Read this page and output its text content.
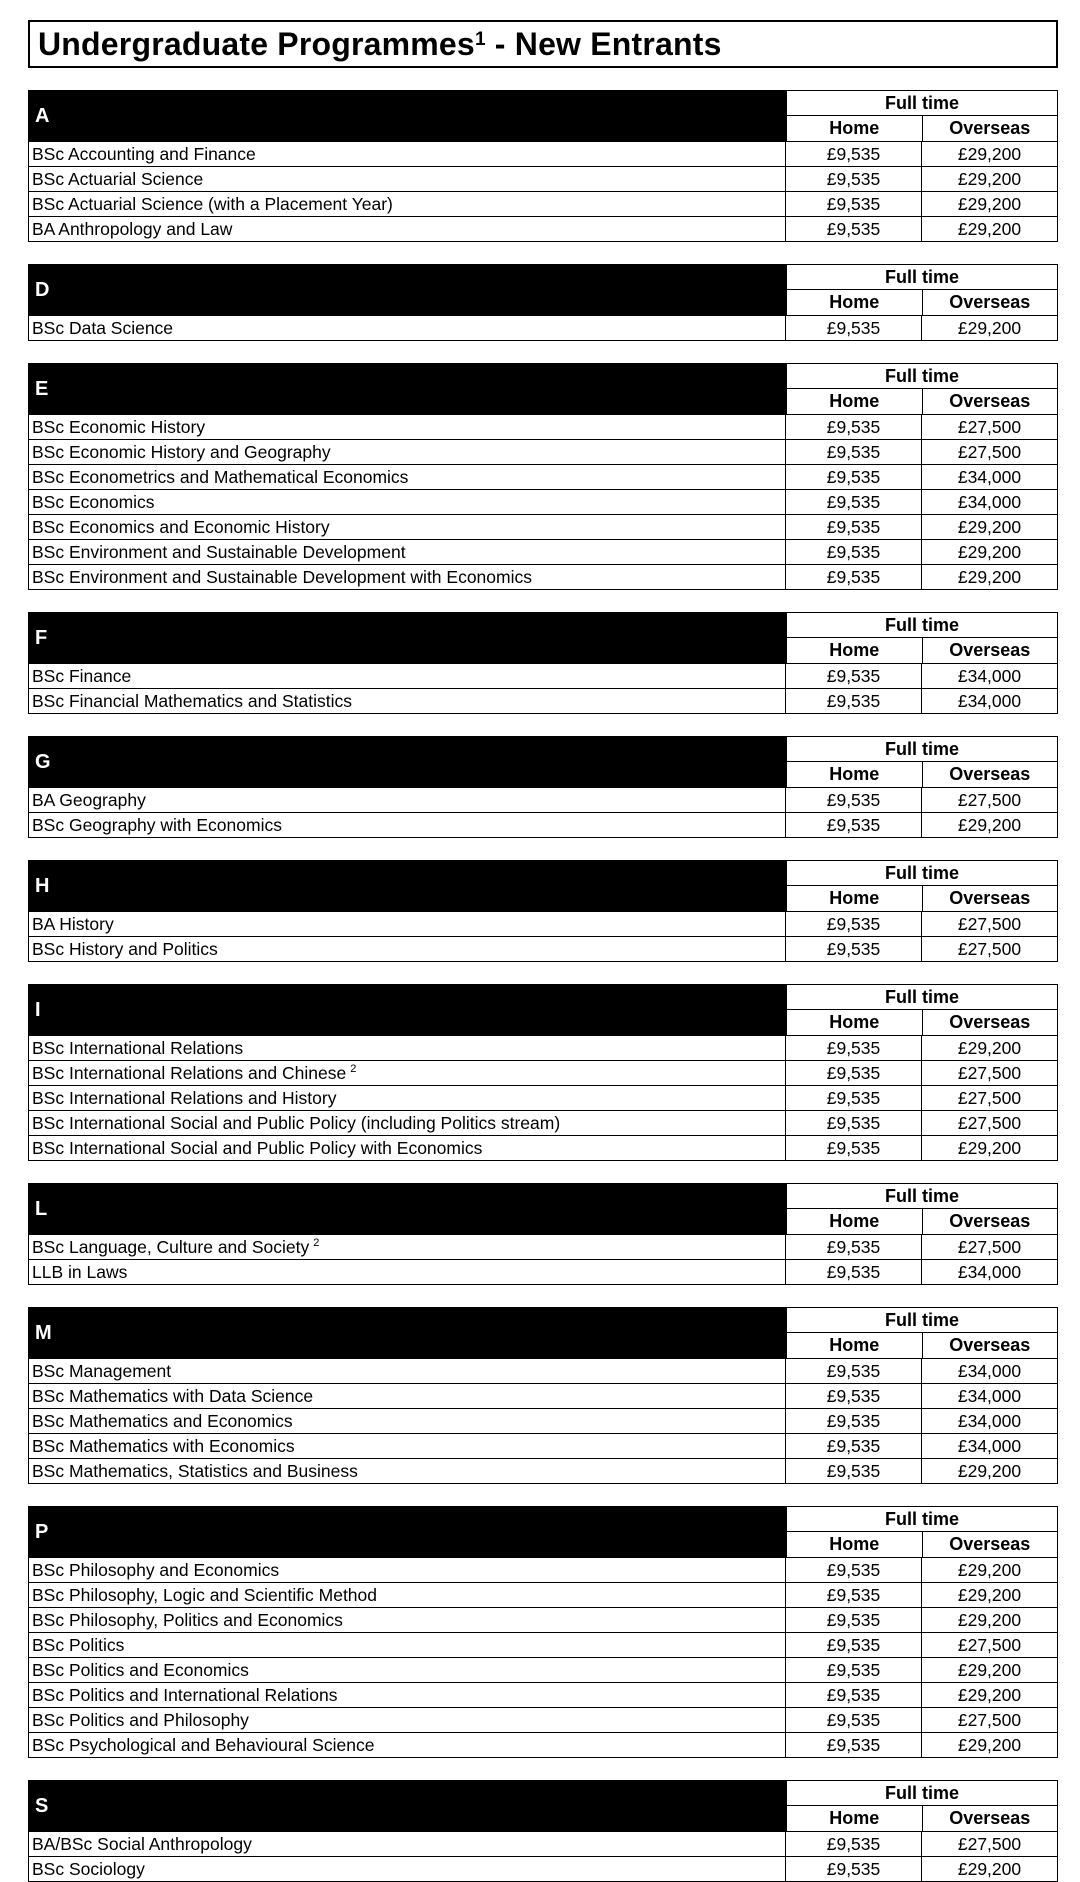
Undergraduate Programmes$^1$ - New Entrants
A
Full time
Home	Overseas
BSc Accounting and Finance	£9,535	£29,200
BSc Actuarial Science	£9,535	£29,200
BSc Actuarial Science (with a Placement Year)	£9,535	£29,200
BA Anthropology and Law	£9,535	£29,200
D
Full time
Home	Overseas
BSc Data Science	£9,535	£29,200
E
Full time
Home	Overseas
BSc Economic History	£9,535	£27,500
BSc Economic History and Geography	£9,535	£27,500
BSc Econometrics and Mathematical Economics	£9,535	£34,000
BSc Economics	£9,535	£34,000
BSc Economics and Economic History	£9,535	£29,200
BSc Environment and Sustainable Development	£9,535	£29,200
BSc Environment and Sustainable Development with Economics	£9,535	£29,200
F
Full time
Home	Overseas
BSc Finance	£9,535	£34,000
BSc Financial Mathematics and Statistics	£9,535	£34,000
G
Full time
Home	Overseas
BA Geography	£9,535	£27,500
BSc Geography with Economics	£9,535	£29,200
H
Full time
Home	Overseas
BA History	£9,535	£27,500
BSc History and Politics	£9,535	£27,500
I
Full time
Home	Overseas
BSc International Relations	£9,535	£29,200
BSc International Relations and Chinese $^2$	£9,535	£27,500
BSc International Relations and History	£9,535	£27,500
BSc International Social and Public Policy (including Politics stream)	£9,535	£27,500
BSc International Social and Public Policy with Economics	£9,535	£29,200
L
Full time
Home	Overseas
BSc Language, Culture and Society $^2$	£9,535	£27,500
LLB in Laws	£9,535	£34,000
M
Full time
Home	Overseas
BSc Management	£9,535	£34,000
BSc Mathematics with Data Science	£9,535	£34,000
BSc Mathematics and Economics	£9,535	£34,000
BSc Mathematics with Economics	£9,535	£34,000
BSc Mathematics, Statistics and Business	£9,535	£29,200
P
Full time
Home	Overseas
BSc Philosophy and Economics	£9,535	£29,200
BSc Philosophy, Logic and Scientific Method	£9,535	£29,200
BSc Philosophy, Politics and Economics	£9,535	£29,200
BSc Politics	£9,535	£27,500
BSc Politics and Economics	£9,535	£29,200
BSc Politics and International Relations	£9,535	£29,200
BSc Politics and Philosophy	£9,535	£27,500
BSc Psychological and Behavioural Science	£9,535	£29,200
S
Full time
Home	Overseas
BA/BSc Social Anthropology	£9,535	£27,500
BSc Sociology	£9,535	£29,200
